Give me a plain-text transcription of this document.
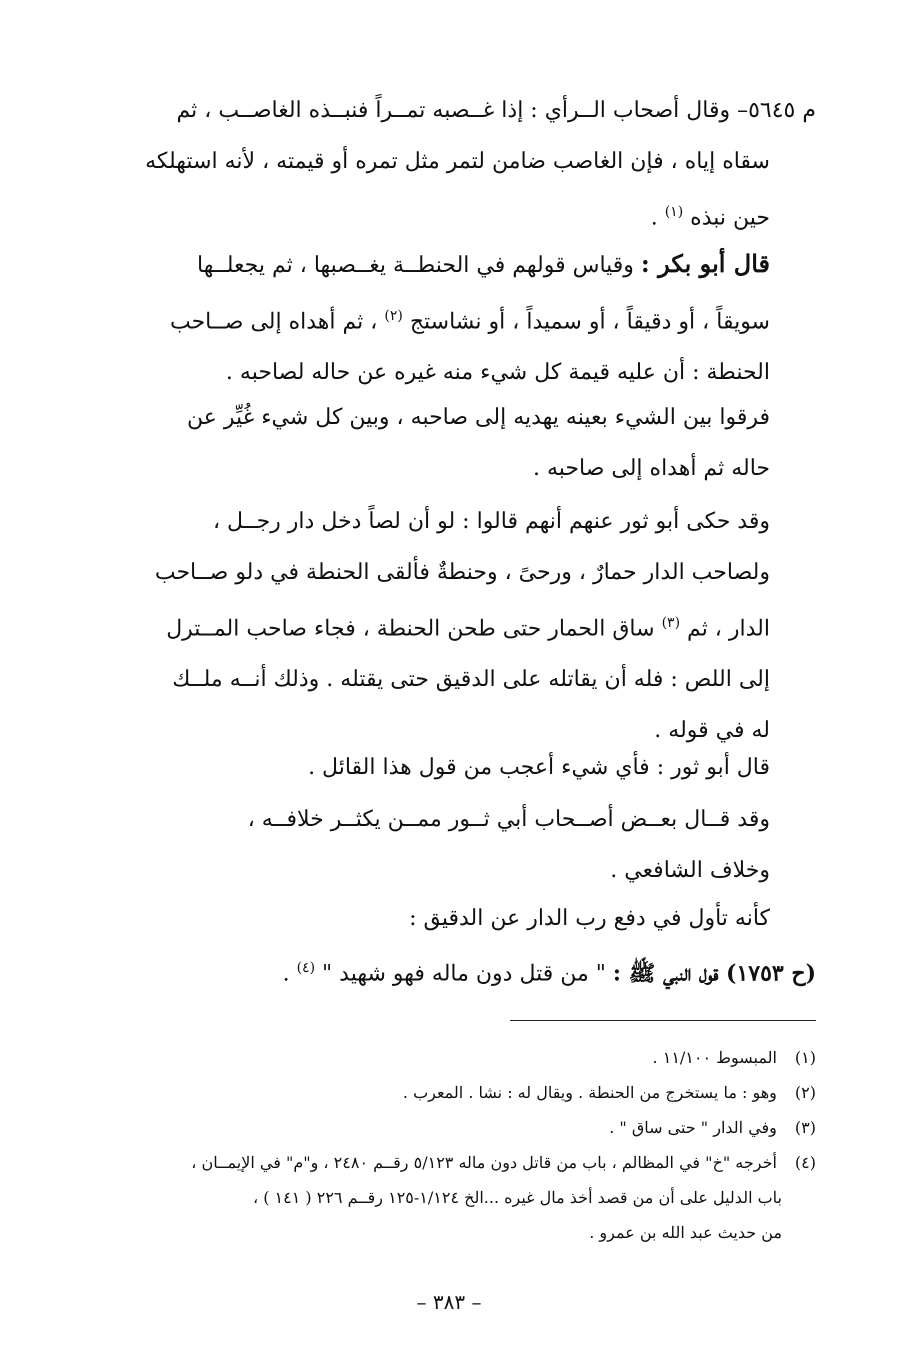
م ٥٦٤٥– وقال أصحاب الــرأي : إذا غــصبه تمــراً فنبــذه الغاصــب ، ثم
سقاه إياه ، فإن الغاصب ضامن لتمر مثل تمره أو قيمته ، لأنه استهلكه
حين نبذه $^{(١)}$ .
قال أبو بكر : وقياس قولهم في الحنطــة يغــصبها ، ثم يجعلــها
سويقاً ، أو دقيقاً ، أو سميداً ، أو نشاستج $^{(٢)}$ ، ثم أهداه إلى صــاحب
الحنطة : أن عليه قيمة كل شيء منه غيره عن حاله لصاحبه .
فرقوا بين الشيء بعينه يهديه إلى صاحبه ، وبين كل شيء غُيِّر عن
حاله ثم أهداه إلى صاحبه .
وقد حكى أبو ثور عنهم أنهم قالوا : لو أن لصاً دخل دار رجــل ،
ولصاحب الدار حمارٌ ، ورحىً ، وحنطةٌ فألقى الحنطة في دلو صــاحب
الدار ، ثم $^{(٣)}$ ساق الحمار حتى طحن الحنطة ، فجاء صاحب المــترل
إلى اللص : فله أن يقاتله على الدقيق حتى يقتله . وذلك أنــه ملــك
له في قوله .
قال أبو ثور : فأي شيء أعجب من قول هذا القائل .
وقد قــال بعــض أصــحاب أبي ثــور ممــن يكثــر خلافــه ،
وخلاف الشافعي .
كأنه تأول في دفع رب الدار عن الدقيق :
(ح ١٧٥٣) قول النبي ﷺ : " من قتل دون ماله فهو شهيد " $^{(٤)}$ .
(١) المبسوط ١١/١٠٠ .
(٢) وهو : ما يستخرج من الحنطة . ويقال له : نشا . المعرب .
(٣) وفي الدار " حتى ساق " .
(٤) أخرجه "خ" في المظالم ، باب من قاتل دون ماله ٥/١٢٣ رقــم ٢٤٨٠ ، و"م" في الإيمــان ،
باب الدليل على أن من قصد أخذ مال غيره ...الخ ١/١٢٤-١٢٥ رقــم ٢٢٦ ( ١٤١ ) ،
من حديث عبد الله بن عمرو .
– ٣٨٣ –
